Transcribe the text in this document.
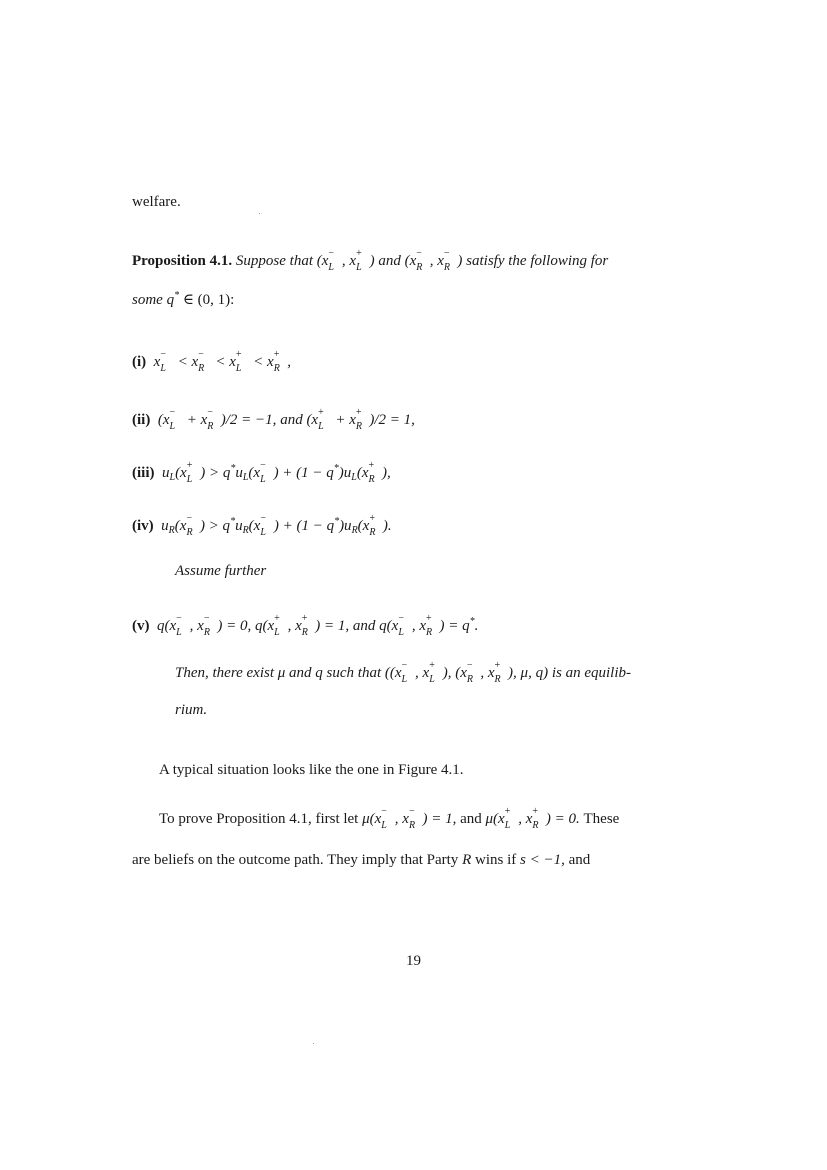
welfare.
Proposition 4.1. Suppose that (x −
L , x +
L ) and (x −
R , x −
R ) satisfy the following for
some q* ∈ (0, 1):
(i) x −
L < x −
R < x +
L < x +
R ,
(ii) (x −
L + x −
R )/2 = −1, and (x +
L + x +
R )/2 = 1,
(iii) $u_L(x$ +
L ) > $q^*u_L(x$ −
L ) + $(1 - q^*)u_L(x$ +
R ),
(iv) $u_R(x$ −
R ) > $q^*u_R(x$ −
L ) + $(1 - q^*)u_R(x$ +
R ).
Assume further
(v) q(x −
L , x −
R ) = 0, q(x +
L , x +
R ) = 1, and q(x −
L , x +
R ) = q*.
Then, there exist μ and q such that ((x −
L , x +
L ), (x −
R , x +
R ), μ, q) is an equilib-
rium.
A typical situation looks like the one in Figure 4.1.
To prove Proposition 4.1, first let μ(x −
L , x −
R ) = 1, and μ(x +
L , x +
R ) = 0. These
are beliefs on the outcome path. They imply that Party R wins if s < −1, and
19
